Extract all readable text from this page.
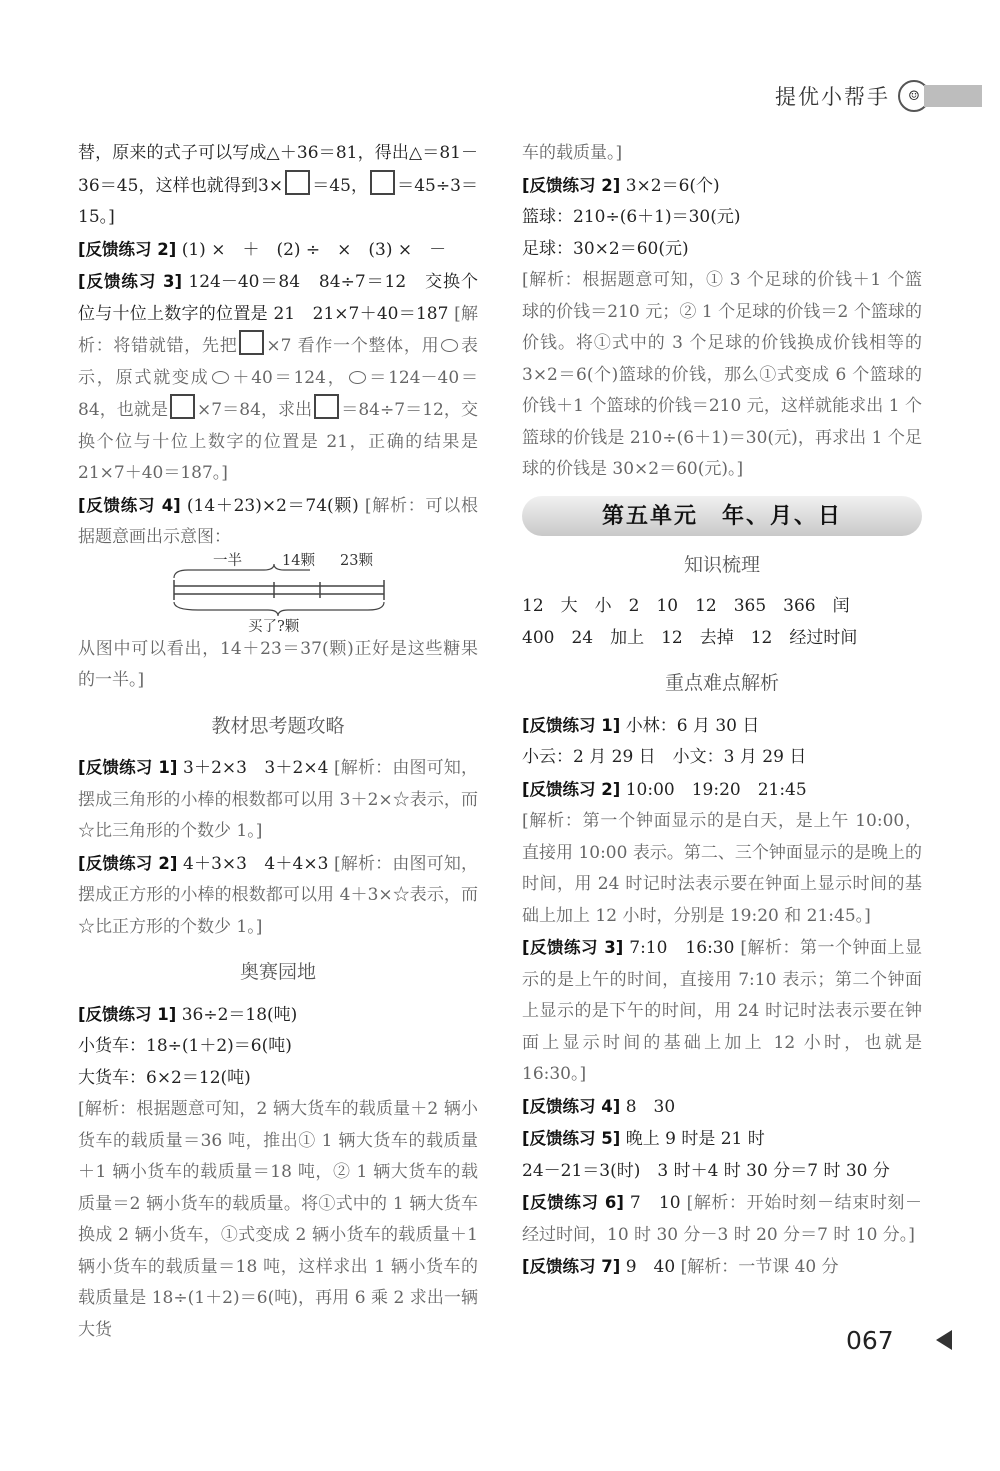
提优小帮手	☺

替，原来的式子可以写成△＋36＝81，得出△＝81－36＝45，这样也就得到3× ＝45， ＝45÷3＝15。]

[反馈练习 2] (1) ×　＋　(2) ÷　×　(3) ×　－

[反馈练习 3] 124－40＝84　84÷7＝12　交换个位与十位上数字的位置是 21　21×7＋40＝187 [解析：将错就错，先把 ×7 看作一个整体，用 表示，原式就变成 ＋40＝124， ＝124－40＝84，也就是 ×7＝84，求出 ＝84÷7＝12，交换个位与十位上数字的位置是 21，正确的结果是 21×7＋40＝187。]

[反馈练习 4] (14＋23)×2＝74(颗) [解析：可以根据题意画出示意图：

一半	14颗 23颗
买了?颗

从图中可以看出，14＋23＝37(颗)正好是这些糖果的一半。]

教材思考题攻略

[反馈练习 1] 3＋2×3　3＋2×4 [解析：由图可知，摆成三角形的小棒的根数都可以用 3＋2×☆表示，而☆比三角形的个数少 1。]

[反馈练习 2] 4＋3×3　4＋4×3 [解析：由图可知，摆成正方形的小棒的根数都可以用 4＋3×☆表示，而☆比正方形的个数少 1。]

奥赛园地

[反馈练习 1] 36÷2＝18(吨)

小货车：18÷(1＋2)＝6(吨)

大货车：6×2＝12(吨)

[解析：根据题意可知，2 辆大货车的载质量＋2 辆小货车的载质量＝36 吨，推出① 1 辆大货车的载质量＋1 辆小货车的载质量＝18 吨，② 1 辆大货车的载质量＝2 辆小货车的载质量。将①式中的 1 辆大货车换成 2 辆小货车，①式变成 2 辆小货车的载质量＋1 辆小货车的载质量＝18 吨，这样求出 1 辆小货车的载质量是 18÷(1＋2)＝6(吨)，再用 6 乘 2 求出一辆大货

车的载质量。]

[反馈练习 2] 3×2＝6(个)

篮球：210÷(6＋1)＝30(元)

足球：30×2＝60(元)

[解析：根据题意可知，① 3 个足球的价钱＋1 个篮球的价钱＝210 元；② 1 个足球的价钱＝2 个篮球的价钱。将①式中的 3 个足球的价钱换成价钱相等的 3×2＝6(个)篮球的价钱，那么①式变成 6 个篮球的价钱＋1 个篮球的价钱＝210 元，这样就能求出 1 个篮球的价钱是 210÷(6＋1)＝30(元)，再求出 1 个足球的价钱是 30×2＝60(元)。]

第五单元　年、月、日
知识梳理

12　大　小　2　10　12　365　366　闰

400　24　加上　12　去掉　12　经过时间

重点难点解析

[反馈练习 1] 小林：6 月 30 日

小云：2 月 29 日　小文：3 月 29 日

[反馈练习 2] 10:00　19:20　21:45

[解析：第一个钟面显示的是白天，是上午 10:00，直接用 10:00 表示。第二、三个钟面显示的是晚上的时间，用 24 时记时法表示要在钟面上显示时间的基础上加上 12 小时，分别是 19:20 和 21:45。]

[反馈练习 3] 7:10　16:30 [解析：第一个钟面上显示的是上午的时间，直接用 7:10 表示；第二个钟面上显示的是下午的时间，用 24 时记时法表示要在钟面上显示时间的基础上加上 12 小时，也就是 16:30。]

[反馈练习 4] 8　30

[反馈练习 5] 晚上 9 时是 21 时

24－21＝3(时)　3 时＋4 时 30 分＝7 时 30 分

[反馈练习 6] 7　10 [解析：开始时刻－结束时刻－经过时间，10 时 30 分－3 时 20 分＝7 时 10 分。]

[反馈练习 7] 9　40 [解析：一节课 40 分

067
